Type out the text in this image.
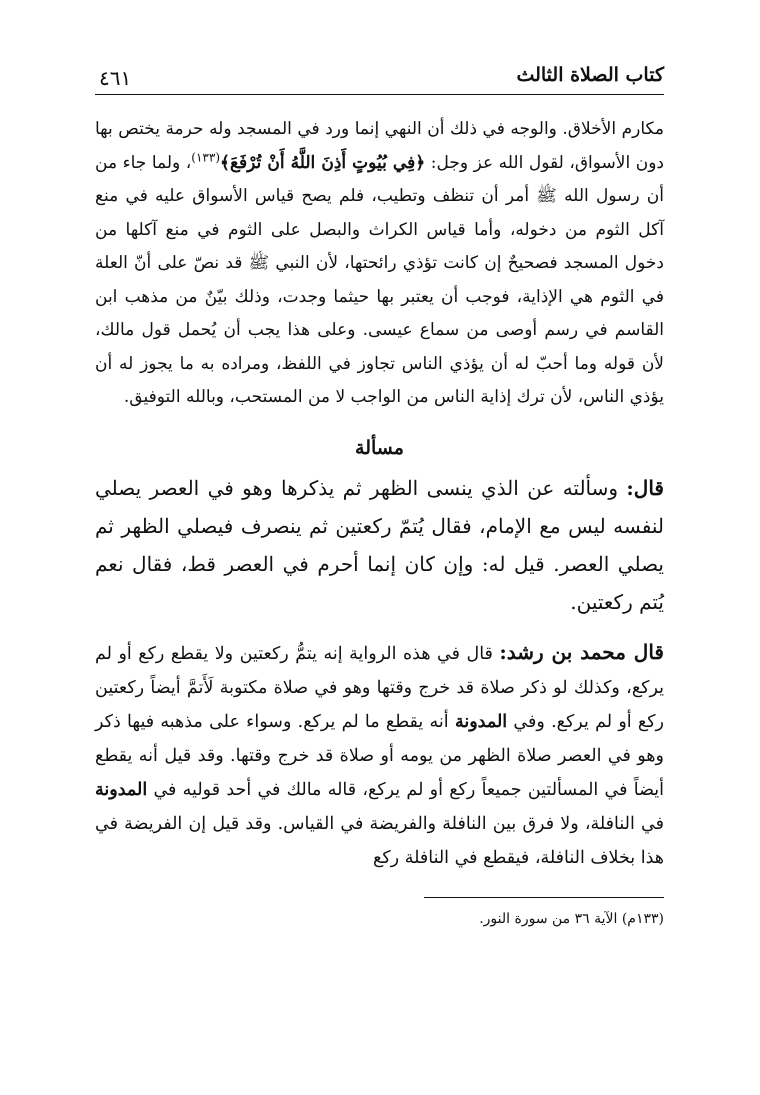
كتاب الصلاة الثالث
٤٦١

مكارم الأخلاق. والوجه في ذلك أن النهي إنما ورد في المسجد وله حرمة يختص بها دون الأسواق، لقول الله عز وجل: ﴿فِي بُيُوتٍ أَذِنَ اللَّهُ أَنْ تُرْفَعَ﴾$^{(١٣٣)}$، ولما جاء من أن رسول الله ﷺ أمر أن تنظف وتطيب، فلم يصح قياس الأسواق عليه في منع آكل الثوم من دخوله، وأما قياس الكراث والبصل على الثوم في منع آكلها من دخول المسجد فصحيحٌ إن كانت تؤذي رائحتها، لأن النبي ﷺ قد نصّ على أنّ العلة في الثوم هي الإذاية، فوجب أن يعتبر بها حيثما وجدت، وذلك بيّنٌ من مذهب ابن القاسم في رسم أوصى من سماع عيسى. وعلى هذا يجب أن يُحمل قول مالك، لأن قوله وما أحبّ له أن يؤذي الناس تجاوز في اللفظ، ومراده به ما يجوز له أن يؤذي الناس، لأن ترك إذاية الناس من الواجب لا من المستحب، وبالله التوفيق.

مسألة

قال: وسألته عن الذي ينسى الظهر ثم يذكرها وهو في العصر يصلي لنفسه ليس مع الإمام، فقال يُتمّ ركعتين ثم ينصرف فيصلي الظهر ثم يصلي العصر. قيل له: وإن كان إنما أحرم في العصر قط، فقال نعم يُتم ركعتين.

قال محمد بن رشد: قال في هذه الرواية إنه يتمُّ ركعتين ولا يقطع ركع أو لم يركع، وكذلك لو ذكر صلاة قد خرج وقتها وهو في صلاة مكتوبة لَأَتمَّ أيضاً ركعتين ركع أو لم يركع. وفي المدونة أنه يقطع ما لم يركع. وسواء على مذهبه فيها ذكر وهو في العصر صلاة الظهر من يومه أو صلاة قد خرج وقتها. وقد قيل أنه يقطع أيضاً في المسألتين جميعاً ركع أو لم يركع، قاله مالك في أحد قوليه في المدونة في النافلة، ولا فرق بين النافلة والفريضة في القياس. وقد قيل إن الفريضة في هذا بخلاف النافلة، فيقطع في النافلة ركع

(١٣٣م) الآية ٣٦ من سورة النور.
